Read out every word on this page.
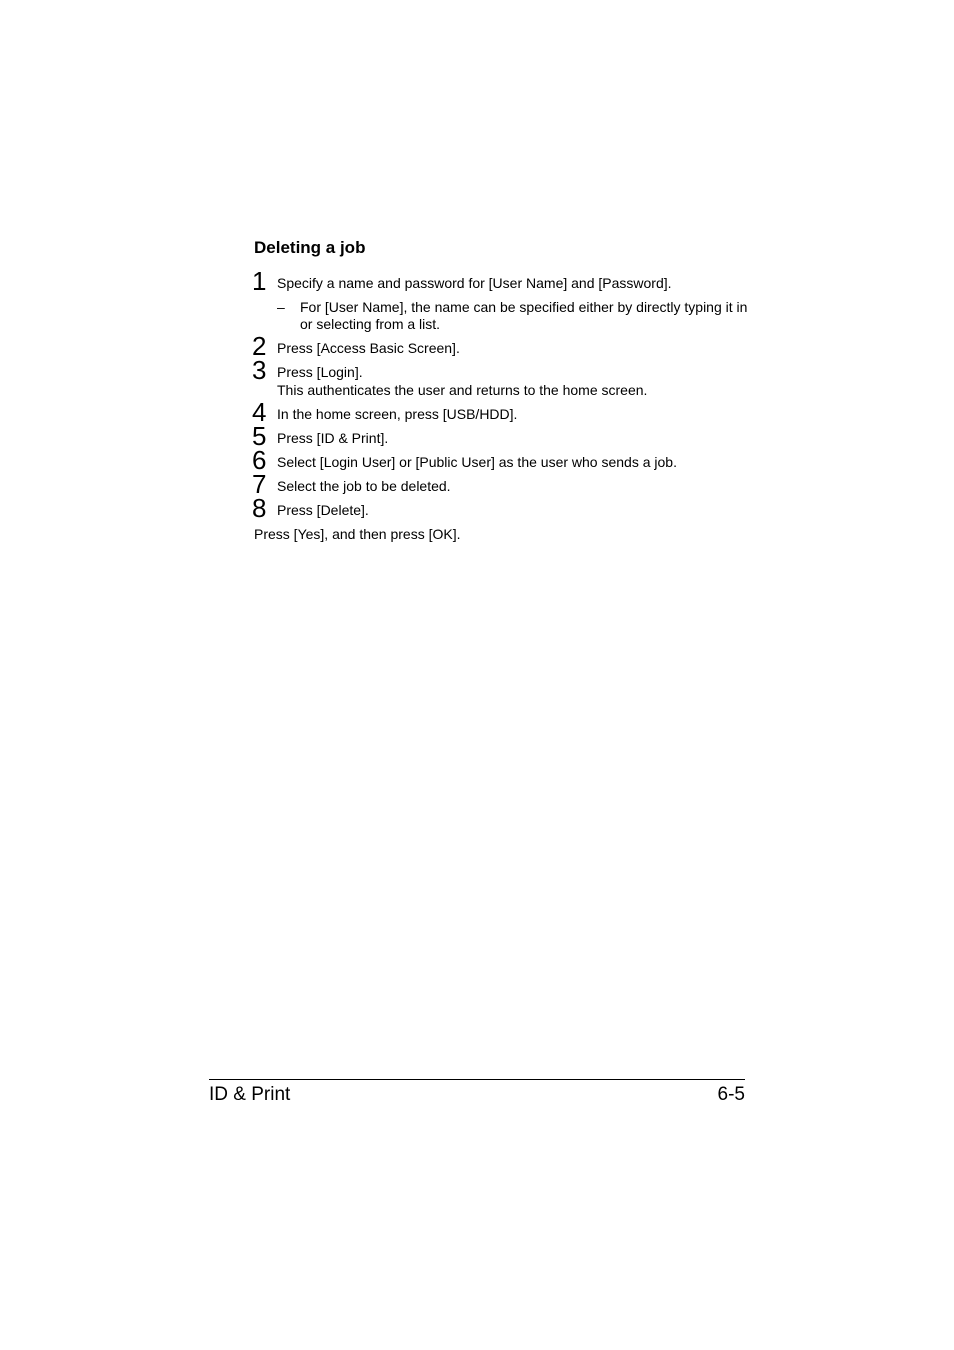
Deleting a job
1 Specify a name and password for [User Name] and [Password].
– For [User Name], the name can be specified either by directly typing it in or selecting from a list.
2 Press [Access Basic Screen].
3 Press [Login].
This authenticates the user and returns to the home screen.
4 In the home screen, press [USB/HDD].
5 Press [ID & Print].
6 Select [Login User] or [Public User] as the user who sends a job.
7 Select the job to be deleted.
8 Press [Delete].

Press [Yes], and then press [OK].

ID & Print	6-5
